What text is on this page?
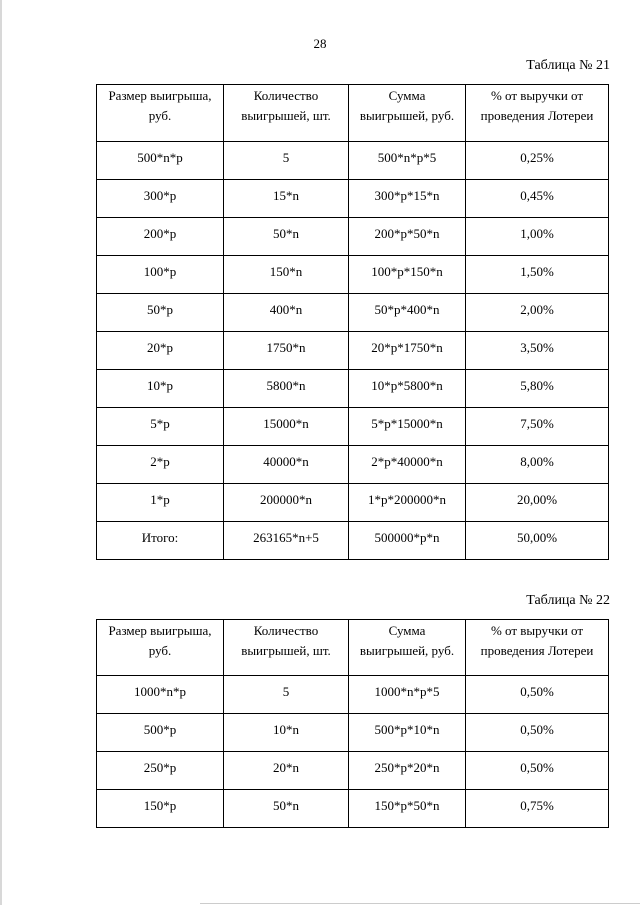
28
Таблица № 21
Размер выигрыша, руб.	Количество выигрышей, шт.	Сумма выигрышей, руб.	% от выручки от проведения Лотереи
500*n*p	5	500*n*p*5	0,25%
300*p	15*n	300*p*15*n	0,45%
200*p	50*n	200*p*50*n	1,00%
100*p	150*n	100*p*150*n	1,50%
50*p	400*n	50*p*400*n	2,00%
20*p	1750*n	20*p*1750*n	3,50%
10*p	5800*n	10*p*5800*n	5,80%
5*p	15000*n	5*p*15000*n	7,50%
2*p	40000*n	2*p*40000*n	8,00%
1*p	200000*n	1*p*200000*n	20,00%
Итого:	263165*n+5	500000*p*n	50,00%
Таблица № 22
Размер выигрыша, руб.	Количество выигрышей, шт.	Сумма выигрышей, руб.	% от выручки от проведения Лотереи
1000*n*p	5	1000*n*p*5	0,50%
500*p	10*n	500*p*10*n	0,50%
250*p	20*n	250*p*20*n	0,50%
150*p	50*n	150*p*50*n	0,75%
